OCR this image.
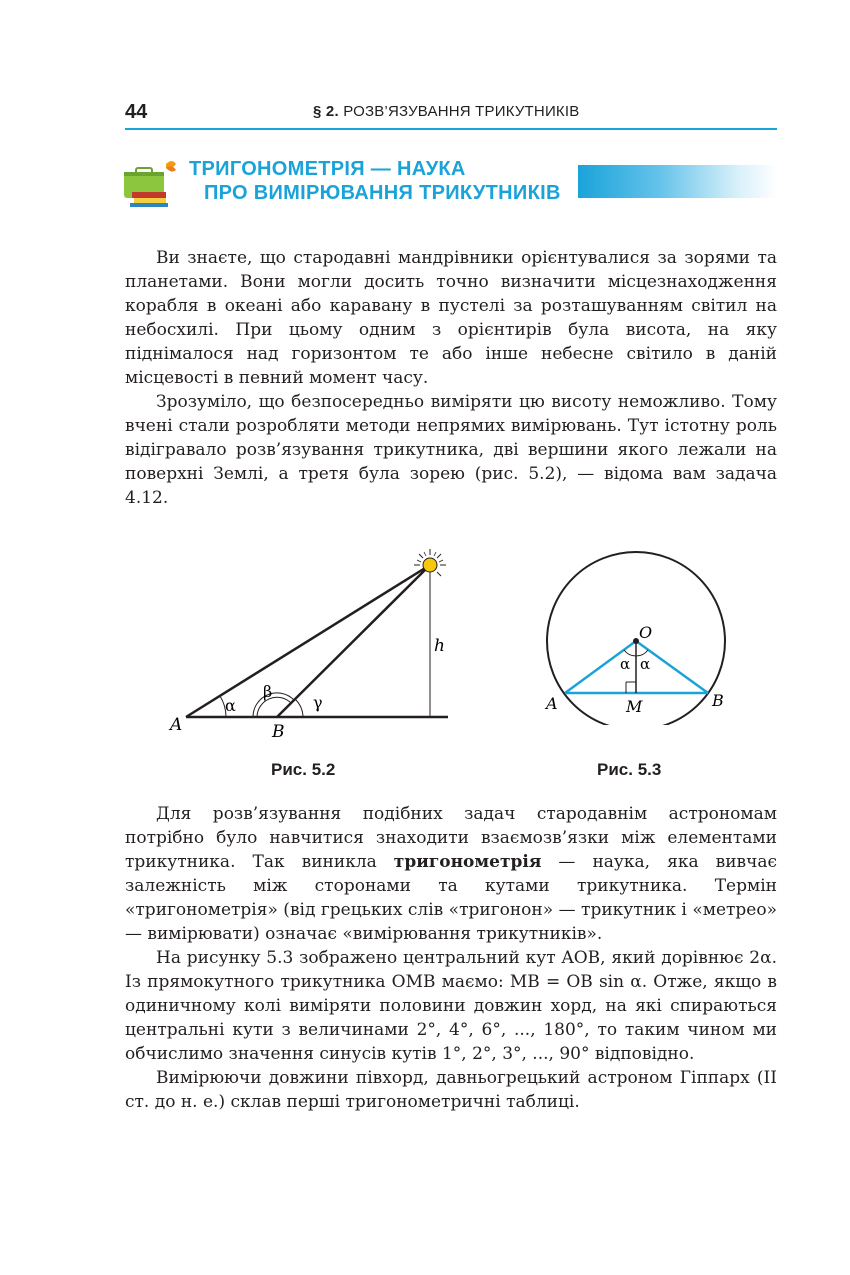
44	§ 2. РОЗВ’ЯЗУВАННЯ ТРИКУТНИКІВ
ТРИГОНОМЕТРІЯ — НАУКА
ПРО ВИМІРЮВАННЯ ТРИКУТНИКІВ

Ви знаєте, що стародавні мандрівники орієнтувалися за зорями та планетами. Вони могли досить точно визначити місцезнаходження корабля в океані або каравану в пустелі за розташуванням світил на небосхилі. При цьому одним з орієнтирів була висота, на яку піднімалося над горизонтом те або інше небесне світило в даній місцевості в певний момент часу.

Зрозуміло, що безпосередньо виміряти цю висоту неможливо. Тому вчені стали розробляти методи непрямих вимірювань. Тут істотну роль відігравало розв’язування трикутника, дві вершини якого лежали на поверхні Землі, а третя була зорею (рис. 5.2), — відома вам задача 4.12.

A	B
h
α
β
γ
Рис. 5.2
O
A	B
M
α α
Рис. 5.3

Для розв’язування подібних задач стародавнім астрономам потрібно було навчитися знаходити взаємозв’язки між елементами трикутника. Так виникла тригонометрія — наука, яка вивчає залежність між сторонами та кутами трикутника. Термін «тригонометрія» (від грецьких слів «тригонон» — трикутник і «метрео» — вимірювати) означає «вимірювання трикутників».

На рисунку 5.3 зображено центральний кут AOB, який дорівнює 2α. Із прямокутного трикутника OMB маємо: MB = OB sin α. Отже, якщо в одиничному колі виміряти половини довжин хорд, на які спираються центральні кути з величинами 2°, 4°, 6°, ..., 180°, то таким чином ми обчислимо значення синусів кутів 1°, 2°, 3°, ..., 90° відповідно.

Вимірюючи довжини півхорд, давньогрецький астроном Гіппарх (II ст. до н. е.) склав перші тригонометричні таблиці.
